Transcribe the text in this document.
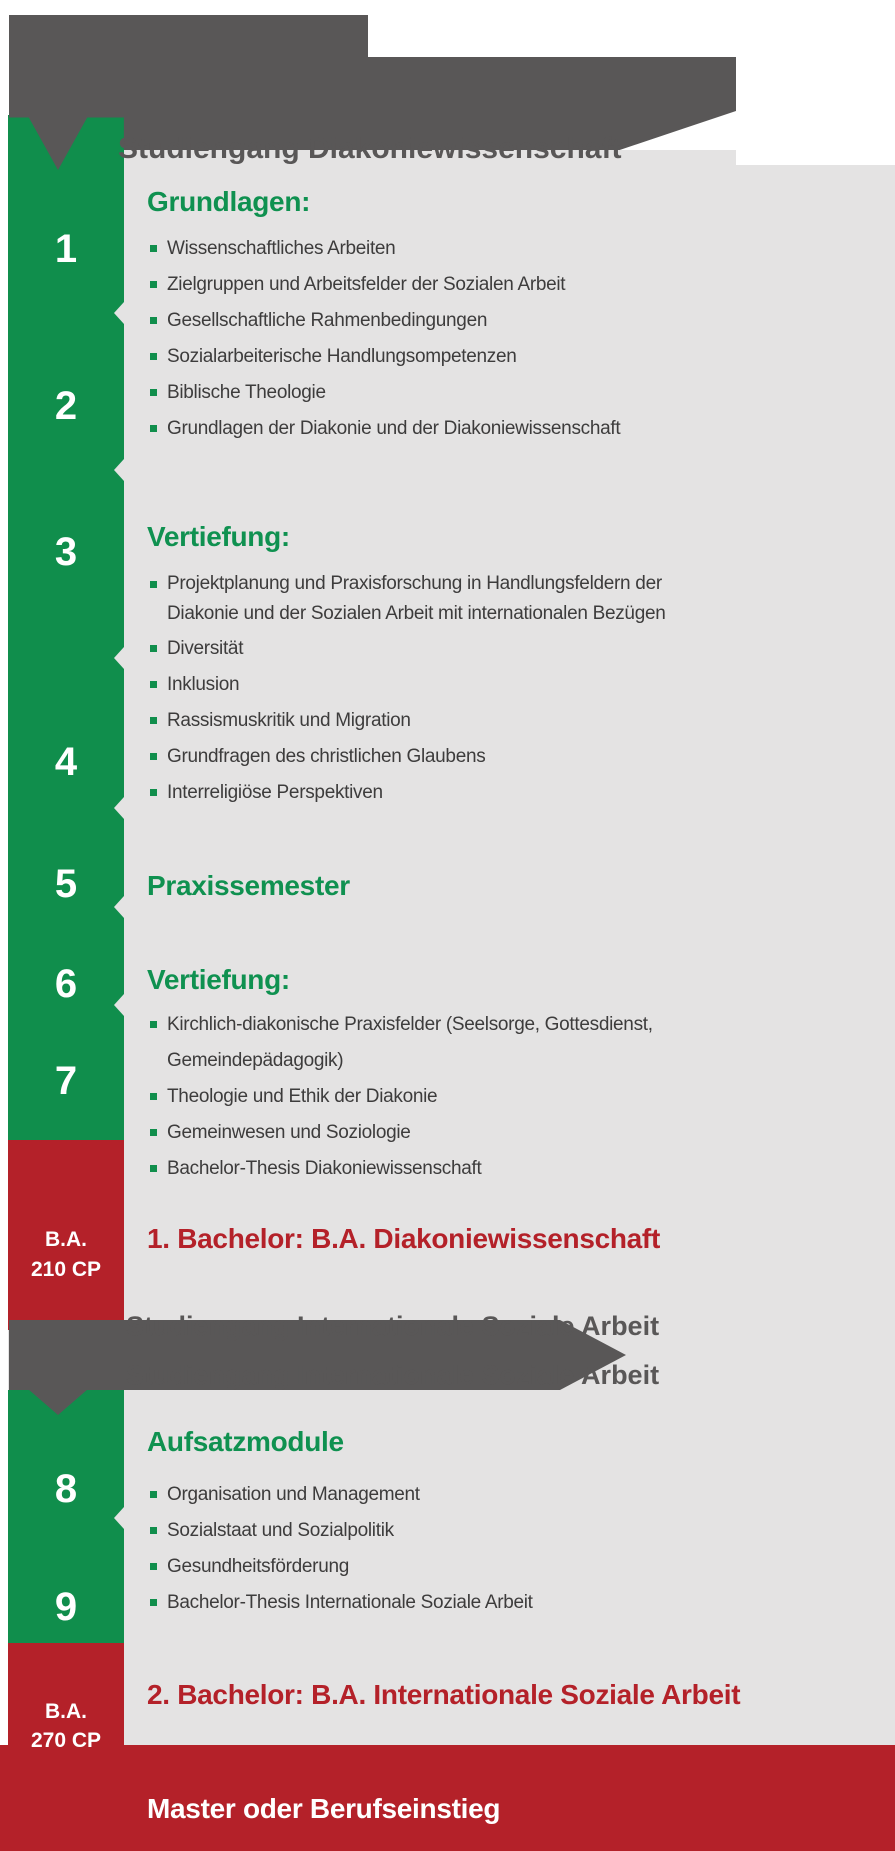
Studiengang Diakoniewissenschaft
Studiengang Internationale Soziale Arbeit
Studiengang Internationale Soziale Arbeit
1
2
3
4
5
6
7
8
9
B.A.
210 CP
B.A.
270 CP
Grundlagen:
Wissenschaftliches Arbeiten
Zielgruppen und Arbeitsfelder der Sozialen Arbeit
Gesellschaftliche Rahmenbedingungen
Sozialarbeiterische Handlungsompetenzen
Biblische Theologie
Grundlagen der Diakonie und der Diakoniewissenschaft
Vertiefung:
Projektplanung und Praxisforschung in Handlungsfeldern der Diakonie und der Sozialen Arbeit mit internationalen Bezügen
Diversität
Inklusion
Rassismuskritik und Migration
Grundfragen des christlichen Glaubens
Interreligiöse Perspektiven
Praxissemester
Vertiefung:
Kirchlich-diakonische Praxisfelder (Seelsorge, Gottesdienst, Gemeindepädagogik)
Theologie und Ethik der Diakonie
Gemeinwesen und Soziologie
Bachelor-Thesis Diakoniewissenschaft
1. Bachelor: B.A. Diakoniewissenschaft
Aufsatzmodule
Organisation und Management
Sozialstaat und Sozialpolitik
Gesundheitsförderung
Bachelor-Thesis Internationale Soziale Arbeit
2. Bachelor: B.A. Internationale Soziale Arbeit
Master oder Berufseinstieg
